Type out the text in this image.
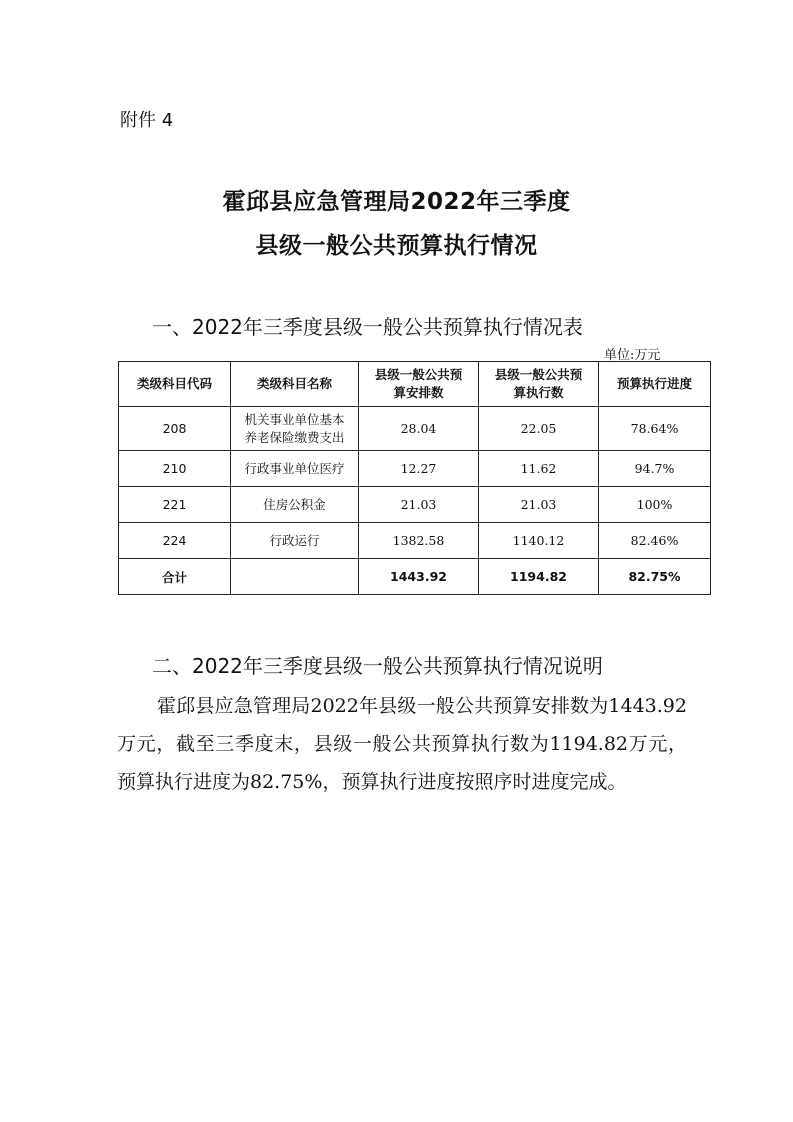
附件 4
霍邱县应急管理局2022年三季度
县级一般公共预算执行情况
一、2022年三季度县级一般公共预算执行情况表
单位:万元
类级科目代码	类级科目名称	县级一般公共预算安排数	县级一般公共预算执行数	预算执行进度
208	机关事业单位基本养老保险缴费支出	28.04	22.05	78.64%
210	行政事业单位医疗	12.27	11.62	94.7%
221	住房公积金	21.03	21.03	100%
224	行政运行	1382.58	1140.12	82.46%
合计		1443.92	1194.82	82.75%
二、2022年三季度县级一般公共预算执行情况说明

霍邱县应急管理局2022年县级一般公共预算安排数为1443.92万元，截至三季度末，县级一般公共预算执行数为1194.82万元，预算执行进度为82.75%，预算执行进度按照序时进度完成。
